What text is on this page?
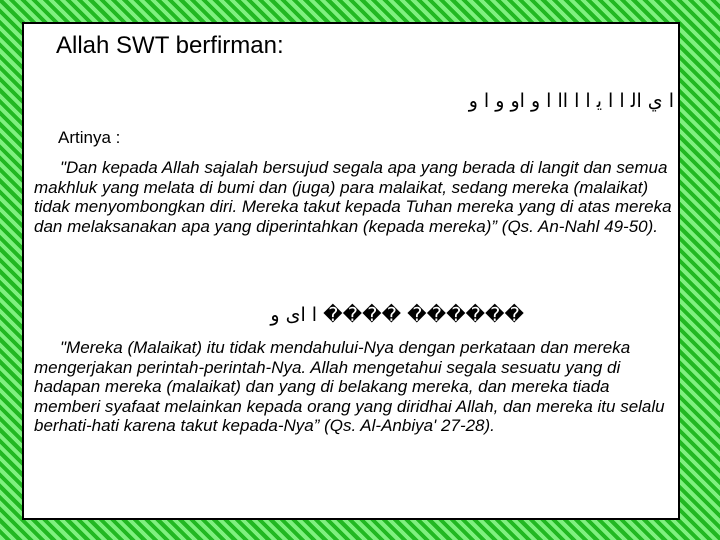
Allah SWT berfirman:
ا ي ﺍﻟ ﺍ ﺍ ﻳ ﺍ ﺍ ﺍﺍ ﺍ ﻭ ﺍﻭ ﻭ ﺍ ﻭ
Artinya :

"Dan kepada Allah sajalah bersujud segala apa yang berada di langit dan semua makhluk yang melata di bumi dan (juga) para malaikat, sedang mereka (malaikat) tidak menyombongkan diri. Mereka takut kepada Tuhan mereka yang di atas mereka dan melaksanakan apa yang diperintahkan (kepada mereka)” (Qs. An-Nahl 49-50).

������ ���� ﺍ ﺍﻯ ﻭ

"Mereka (Malaikat) itu tidak mendahului-Nya dengan perkataan dan mereka mengerjakan perintah-perintah-Nya. Allah mengetahui segala sesuatu yang di hadapan mereka (malaikat) dan yang di belakang mereka, dan mereka tiada memberi syafaat melainkan kepada orang yang diridhai Allah, dan mereka itu selalu berhati-hati karena takut kepada-Nya” (Qs. Al-Anbiya' 27-28).
